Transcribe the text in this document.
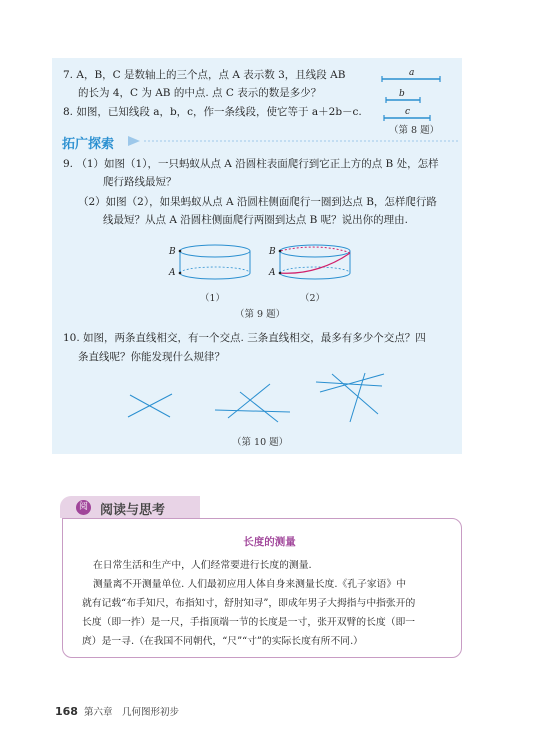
7. A，B，C 是数轴上的三个点，点 A 表示数 3，且线段 AB
的长为 4，C 为 AB 的中点. 点 C 表示的数是多少？
8. 如图，已知线段 a，b，c，作一条线段，使它等于 a＋2b－c.
a
b
c
（第 8 题）
拓广探索
9. （1）如图（1），一只蚂蚁从点 A 沿圆柱表面爬行到它正上方的点 B 处，怎样
爬行路线最短？
（2）如图（2），如果蚂蚁从点 A 沿圆柱侧面爬行一圈到达点 B，怎样爬行路
线最短？从点 A 沿圆柱侧面爬行两圈到达点 B 呢？说出你的理由.
B
A
B
A
（1）	（2）
（第 9 题）
10. 如图，两条直线相交，有一个交点. 三条直线相交，最多有多少个交点？四
条直线呢？你能发现什么规律？
（第 10 题）
阅 阅读与思考
长度的测量
在日常生活和生产中，人们经常要进行长度的测量.
测量离不开测量单位. 人们最初应用人体自身来测量长度.《孔子家语》中
就有记载“布手知尺，布指知寸，舒肘知寻”，即成年男子大拇指与中指张开的
长度（即一拃）是一尺，手指顶端一节的长度是一寸，张开双臂的长度（即一
庹）是一寻.（在我国不同朝代，“尺”“寸”的实际长度有所不同.）
168 第六章　几何图形初步
